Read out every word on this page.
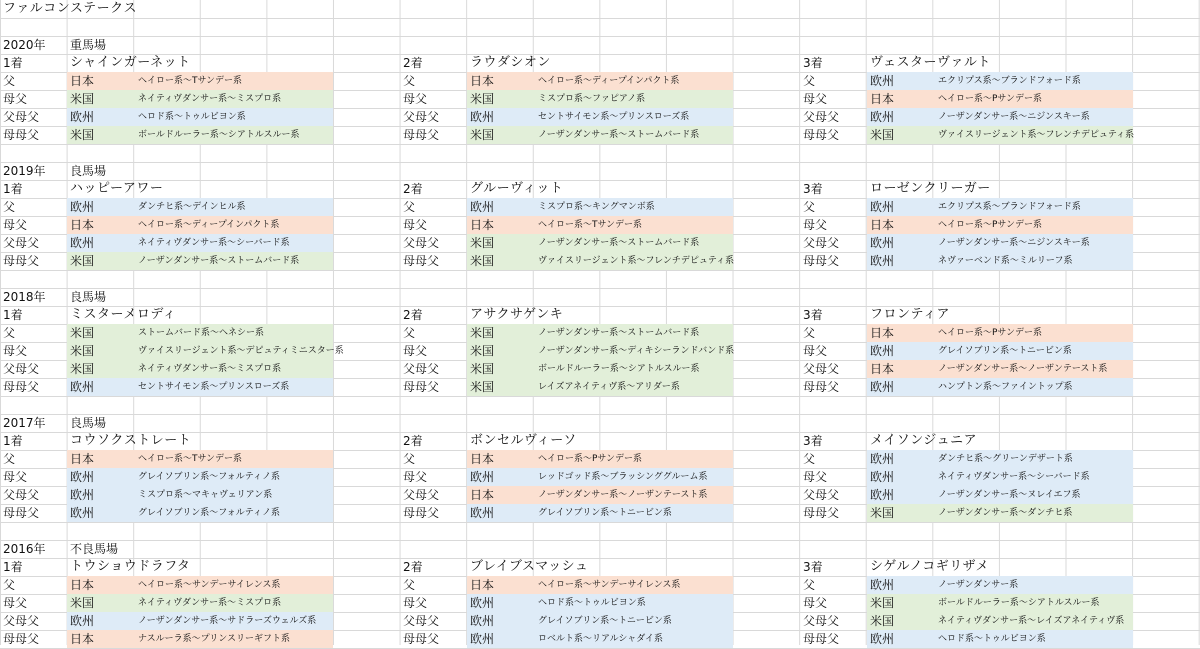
ファルコンステークス
2020年	重馬場
1着	シャインガーネット	2着	ラウダシオン	3着	ヴェスターヴァルト
父	日本	ヘイロー系〜Tサンデー系	父	日本	ヘイロー系〜ディープインパクト系	父	欧州	エクリプス系〜ブランドフォード系
母父	米国	ネイティヴダンサー系〜ミスプロ系	母父	米国	ミスプロ系〜ファピアノ系	母父	日本	ヘイロー系〜Pサンデー系
父母父	欧州	ヘロド系〜トゥルビヨン系	父母父	欧州	セントサイモン系〜プリンスローズ系	父母父	欧州	ノーザンダンサー系〜ニジンスキー系
母母父	米国	ボールドルーラー系〜シアトルスルー系	母母父	米国	ノーザンダンサー系〜ストームバード系	母母父	米国	ヴァイスリージェント系〜フレンチデピュティ系
2019年	良馬場
1着	ハッピーアワー	2着	グルーヴィット	3着	ローゼンクリーガー
父	欧州	ダンチヒ系〜デインヒル系	父	欧州	ミスプロ系〜キングマンボ系	父	欧州	エクリプス系〜ブランドフォード系
母父	日本	ヘイロー系〜ディープインパクト系	母父	日本	ヘイロー系〜Tサンデー系	母父	日本	ヘイロー系〜Pサンデー系
父母父	欧州	ネイティヴダンサー系〜シーバード系	父母父	米国	ノーザンダンサー系〜ストームバード系	父母父	欧州	ノーザンダンサー系〜ニジンスキー系
母母父	米国	ノーザンダンサー系〜ストームバード系	母母父	米国	ヴァイスリージェント系〜フレンチデピュティ系	母母父	欧州	ネヴァーベンド系〜ミルリーフ系
2018年	良馬場
1着	ミスターメロディ	2着	アサクサゲンキ	3着	フロンティア
父	米国	ストームバード系〜ヘネシー系	父	米国	ノーザンダンサー系〜ストームバード系	父	日本	ヘイロー系〜Pサンデー系
母父	米国	ヴァイスリージェント系〜デピュティミニスター系	母父	米国	ノーザンダンサー系〜ディキシーランドバンド系	母父	欧州	グレイソブリン系〜トニービン系
父母父	米国	ネイティヴダンサー系〜ミスプロ系	父母父	米国	ボールドルーラー系〜シアトルスルー系	父母父	日本	ノーザンダンサー系〜ノーザンテースト系
母母父	欧州	セントサイモン系〜プリンスローズ系	母母父	米国	レイズアネイティヴ系〜アリダー系	母母父	欧州	ハンプトン系〜ファイントップ系
2017年	良馬場
1着	コウソクストレート	2着	ボンセルヴィーソ	3着	メイソンジュニア
父	日本	ヘイロー系〜Tサンデー系	父	日本	ヘイロー系〜Pサンデー系	父	欧州	ダンチヒ系〜グリーンデザート系
母父	欧州	グレイソブリン系〜フォルティノ系	母父	欧州	レッドゴッド系〜ブラッシンググルーム系	母父	欧州	ネイティヴダンサー系〜シーバード系
父母父	欧州	ミスプロ系〜マキャヴェリアン系	父母父	日本	ノーザンダンサー系〜ノーザンテースト系	父母父	欧州	ノーザンダンサー系〜ヌレイエフ系
母母父	欧州	グレイソブリン系〜フォルティノ系	母母父	欧州	グレイソブリン系〜トニービン系	母母父	米国	ノーザンダンサー系〜ダンチヒ系
2016年	不良馬場
1着	トウショウドラフタ	2着	ブレイブスマッシュ	3着	シゲルノコギリザメ
父	日本	ヘイロー系〜サンデーサイレンス系	父	日本	ヘイロー系〜サンデーサイレンス系	父	欧州	ノーザンダンサー系
母父	米国	ネイティヴダンサー系〜ミスプロ系	母父	欧州	ヘロド系〜トゥルビヨン系	母父	米国	ボールドルーラー系〜シアトルスルー系
父母父	欧州	ノーザンダンサー系〜サドラーズウェルズ系	父母父	欧州	グレイソブリン系〜トニービン系	父母父	米国	ネイティヴダンサー系〜レイズアネイティヴ系
母母父	日本	ナスルーラ系〜プリンスリーギフト系	母母父	欧州	ロベルト系〜リアルシャダイ系	母母父	欧州	ヘロド系〜トゥルビヨン系
